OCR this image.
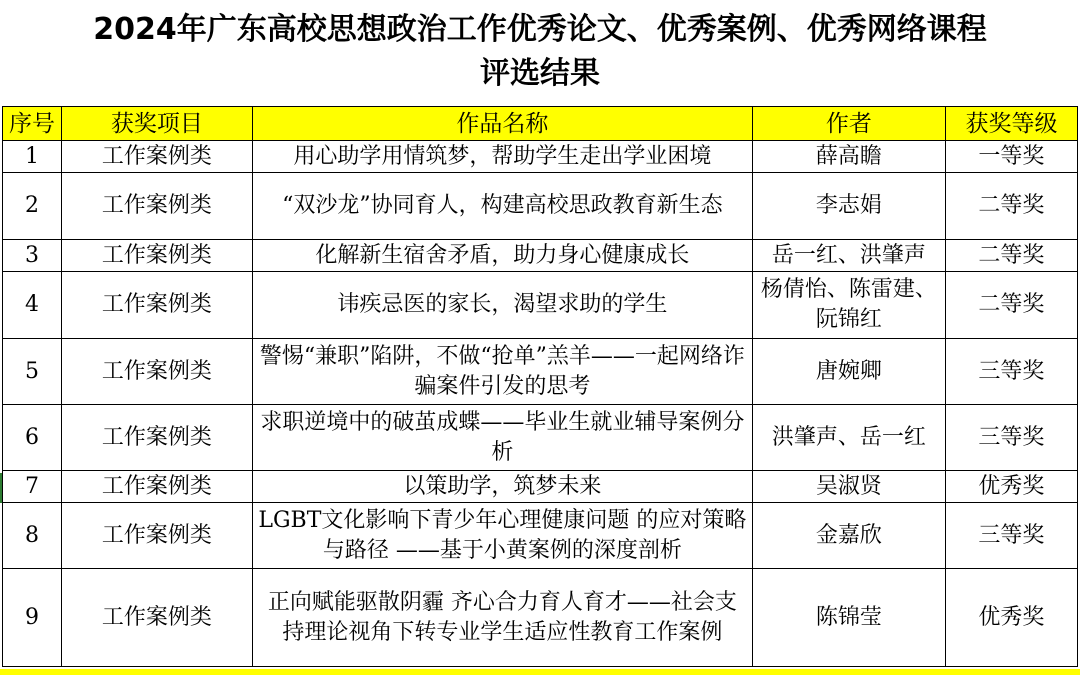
2024年广东高校思想政治工作优秀论文、优秀案例、优秀网络课程
评选结果
序号	获奖项目	作品名称	作者	获奖等级
1	工作案例类	用心助学用情筑梦，帮助学生走出学业困境	薛高瞻	一等奖
2	工作案例类	“双沙龙”协同育人，构建高校思政教育新生态	李志娟	二等奖
3	工作案例类	化解新生宿舍矛盾，助力身心健康成长	岳一红、洪肇声	二等奖
4	工作案例类	讳疾忌医的家长，渴望求助的学生	杨倩怡、陈雷建、阮锦红	二等奖
5	工作案例类	警惕“兼职”陷阱，不做“抢单”羔羊——一起网络诈骗案件引发的思考	唐婉卿	三等奖
6	工作案例类	求职逆境中的破茧成蝶——毕业生就业辅导案例分析	洪肇声、岳一红	三等奖
7	工作案例类	以策助学，筑梦未来	吴淑贤	优秀奖
8	工作案例类	LGBT文化影响下青少年心理健康问题 的应对策略与路径 ——基于小黄案例的深度剖析	金嘉欣	三等奖
9	工作案例类	正向赋能驱散阴霾 齐心合力育人育才——社会支持理论视角下转专业学生适应性教育工作案例	陈锦莹	优秀奖
